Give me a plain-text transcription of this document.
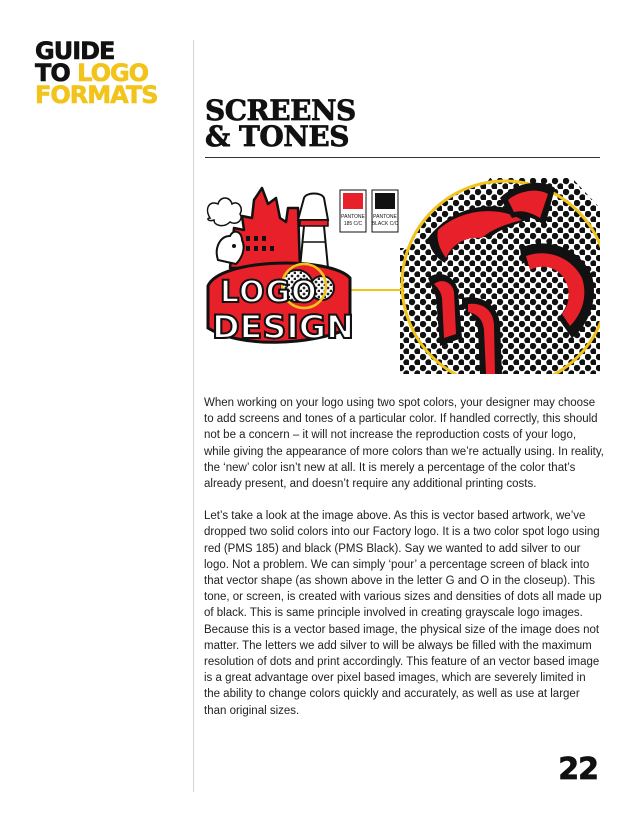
GUIDE
TO LOGO
FORMATS SCREENS
& TONES
PANTONE
185 C/C
PANTONE
BLACK C/C
LOGO
DESIGN

When working on your logo using two spot colors, your designer may choose to add screens and tones of a particular color. If handled correctly, this should not be a concern – it will not increase the reproduction costs of your logo, while giving the appearance of more colors than we’re actually using. In reality, the ‘new’ color isn’t new at all. It is merely a percentage of the color that’s already present, and doesn’t require any additional printing costs.

Let’s take a look at the image above. As this is vector based artwork, we’ve dropped two solid colors into our Factory logo. It is a two color spot logo using red (PMS 185) and black (PMS Black). Say we wanted to add silver to our logo. Not a problem. We can simply ‘pour’ a percentage screen of black into that vector shape (as shown above in the letter G and O in the closeup). This tone, or screen, is created with various sizes and densities of dots all made up of black. This is same principle involved in creating grayscale logo images. Because this is a vector based image, the physical size of the image does not matter. The letters we add silver to will be always be filled with the maximum resolution of dots and print accordingly. This feature of an vector based image is a great advantage over pixel based images, which are severely limited in the ability to change colors quickly and accurately, as well as use at larger than original sizes.

22
